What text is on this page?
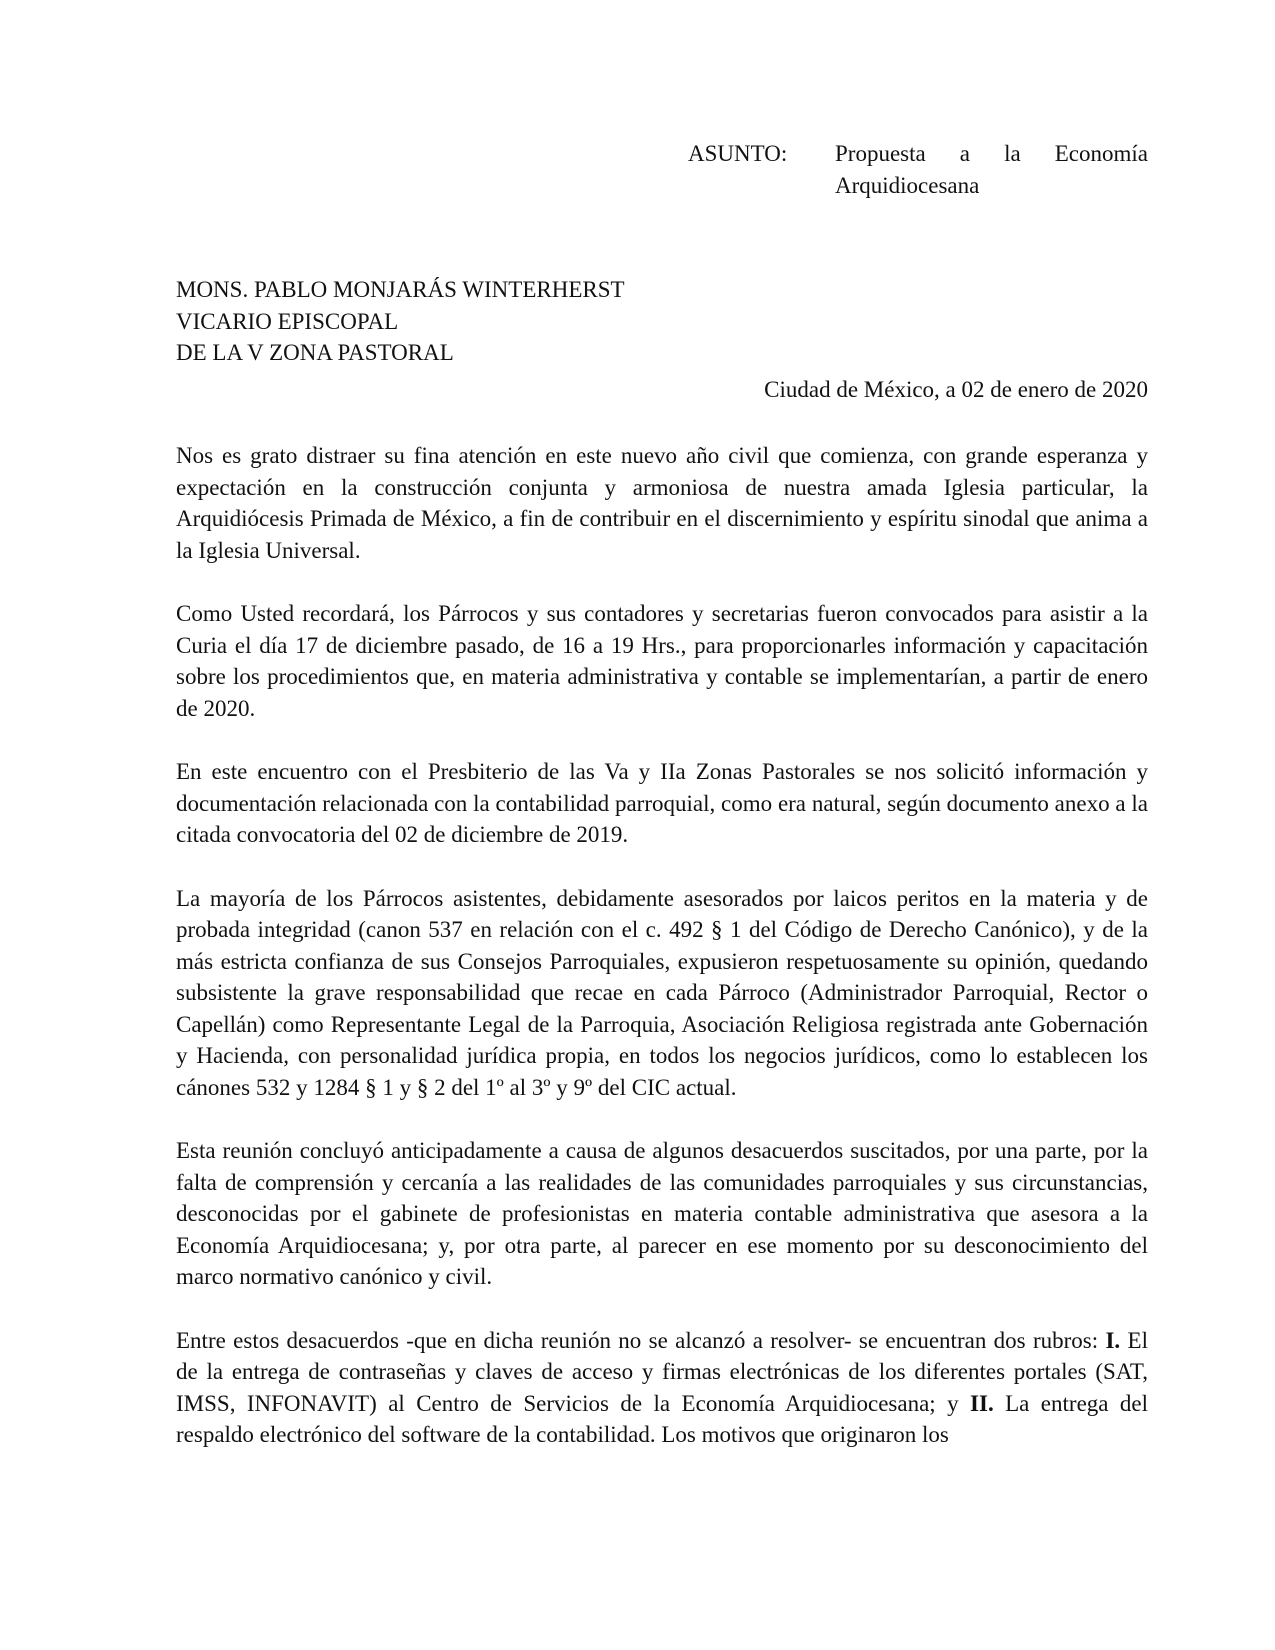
ASUNTO: Propuesta a la Economía
Arquidiocesana
MONS. PABLO MONJARÁS WINTERHERST
VICARIO EPISCOPAL
DE LA V ZONA PASTORAL
Ciudad de México, a 02 de enero de 2020

Nos es grato distraer su fina atención en este nuevo año civil que comienza, con grande esperanza y expectación en la construcción conjunta y armoniosa de nuestra amada Iglesia particular, la Arquidiócesis Primada de México, a fin de contribuir en el discernimiento y espíritu sinodal que anima a la Iglesia Universal.

Como Usted recordará, los Párrocos y sus contadores y secretarias fueron convocados para asistir a la Curia el día 17 de diciembre pasado, de 16 a 19 Hrs., para proporcionarles información y capacitación sobre los procedimientos que, en materia administrativa y contable se implementarían, a partir de enero de 2020.

En este encuentro con el Presbiterio de las Va y IIa Zonas Pastorales se nos solicitó información y documentación relacionada con la contabilidad parroquial, como era natural, según documento anexo a la citada convocatoria del 02 de diciembre de 2019.

La mayoría de los Párrocos asistentes, debidamente asesorados por laicos peritos en la materia y de probada integridad (canon 537 en relación con el c. 492 § 1 del Código de Derecho Canónico), y de la más estricta confianza de sus Consejos Parroquiales, expusieron respetuosamente su opinión, quedando subsistente la grave responsabilidad que recae en cada Párroco (Administrador Parroquial, Rector o Capellán) como Representante Legal de la Parroquia, Asociación Religiosa registrada ante Gobernación y Hacienda, con personalidad jurídica propia, en todos los negocios jurídicos, como lo establecen los cánones 532 y 1284 § 1 y § 2 del 1º al 3º y 9º del CIC actual.

Esta reunión concluyó anticipadamente a causa de algunos desacuerdos suscitados, por una parte, por la falta de comprensión y cercanía a las realidades de las comunidades parroquiales y sus circunstancias, desconocidas por el gabinete de profesionistas en materia contable administrativa que asesora a la Economía Arquidiocesana; y, por otra parte, al parecer en ese momento por su desconocimiento del marco normativo canónico y civil.

Entre estos desacuerdos -que en dicha reunión no se alcanzó a resolver- se encuentran dos rubros: I. El de la entrega de contraseñas y claves de acceso y firmas electrónicas de los diferentes portales (SAT, IMSS, INFONAVIT) al Centro de Servicios de la Economía Arquidiocesana; y II. La entrega del respaldo electrónico del software de la contabilidad. Los motivos que originaron los
